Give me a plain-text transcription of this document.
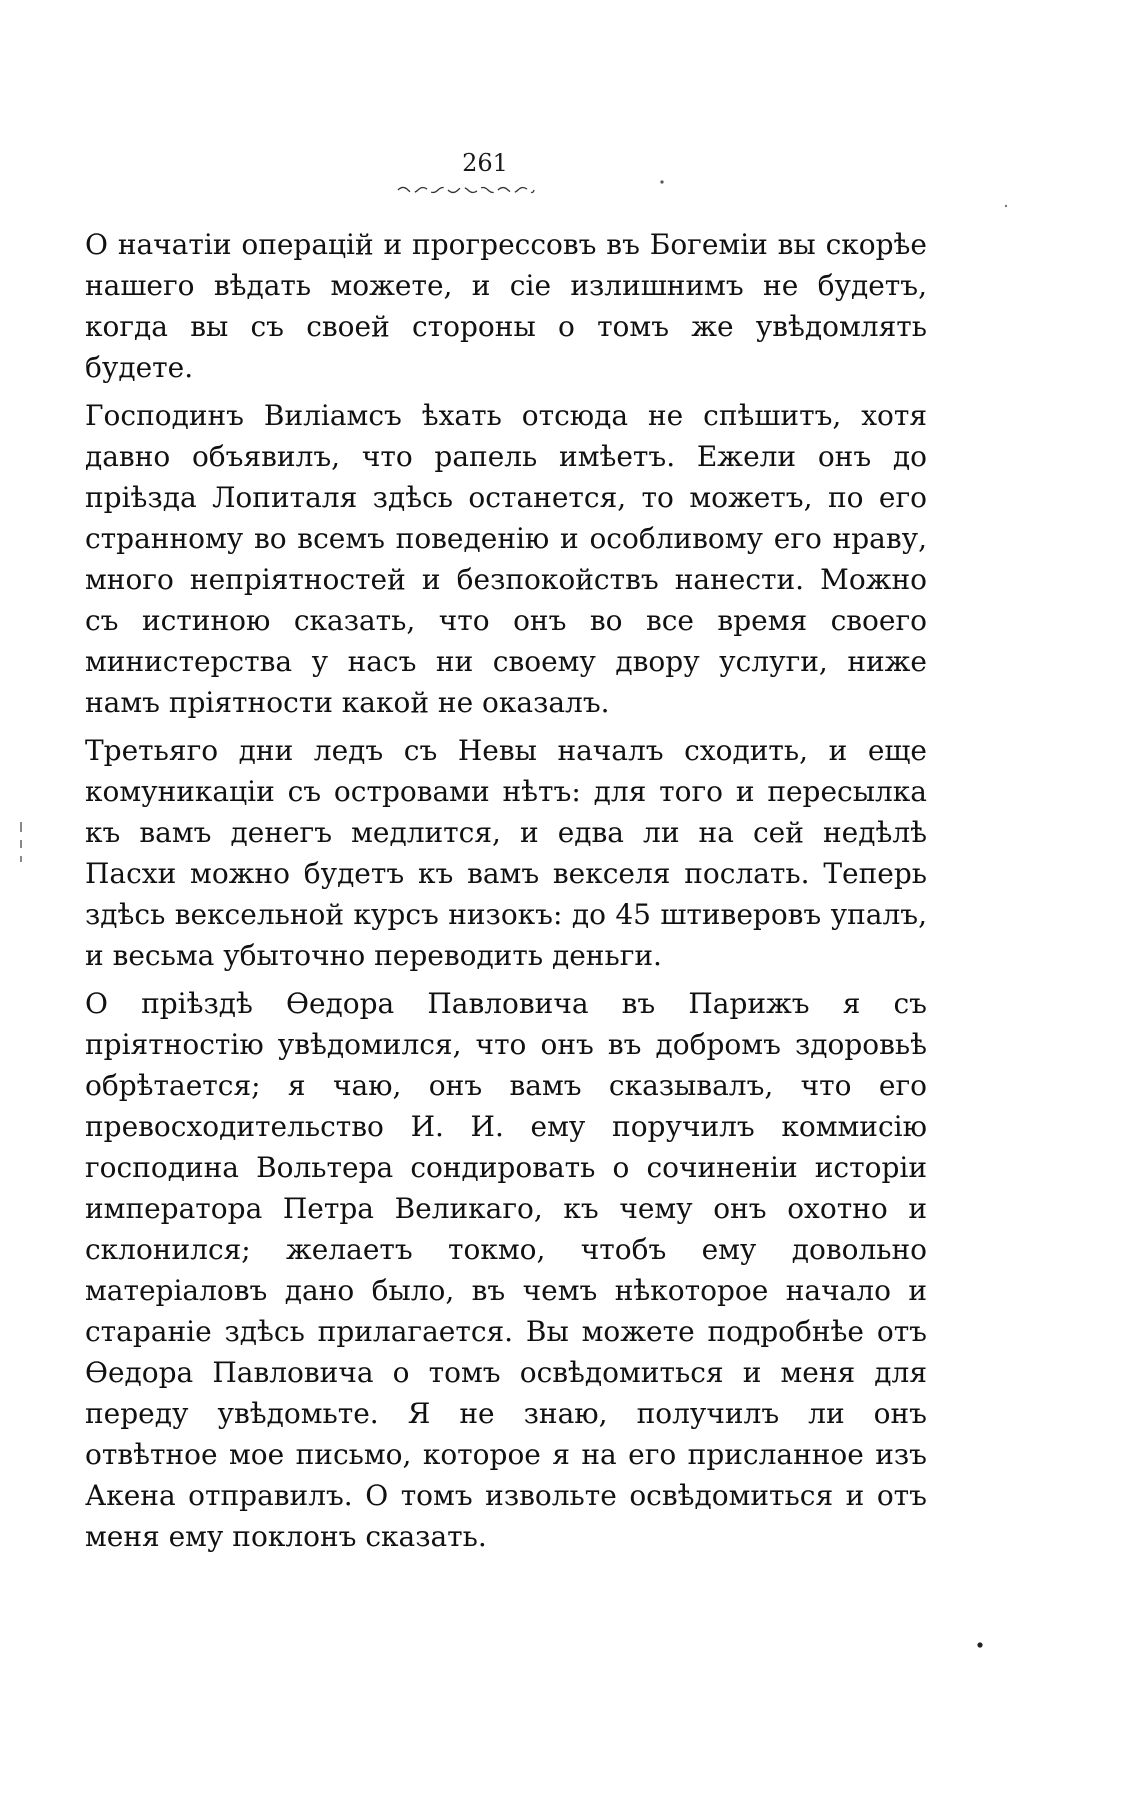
261

О начатіи операцій и прогрессовъ въ Богеміи вы скорѣе нашего вѣдать можете, и сіе излишнимъ не будетъ, когда вы съ своей стороны о томъ же увѣдомлять будете.

Господинъ Виліамсъ ѣхать отсюда не спѣшитъ, хотя давно объявилъ, что рапель имѣетъ. Ежели онъ до пріѣзда Лопиталя здѣсь останется, то можетъ, по его странному во всемъ поведенію и особливому его нраву, много непріятностей и безпокойствъ нанести. Можно съ истиною сказать, что онъ во все время своего министерства у насъ ни своему двору услуги, ниже намъ пріятности какой не оказалъ.

Третьяго дни ледъ съ Невы началъ сходить, и еще комуникаціи съ островами нѣтъ: для того и пересылка къ вамъ денегъ медлится, и едва ли на сей недѣлѣ Пасхи можно будетъ къ вамъ векселя послать. Теперь здѣсь вексельной курсъ низокъ: до 45 штиверовъ упалъ, и весьма убыточно переводить деньги.

О пріѣздѣ Ѳедора Павловича въ Парижъ я съ пріятностію увѣдомился, что онъ въ добромъ здоровьѣ обрѣтается; я чаю, онъ вамъ сказывалъ, что его превосходительство И. И. ему поручилъ коммисію господина Вольтера сондировать о сочиненіи исторіи императора Петра Великаго, къ чему онъ охотно и склонился; желаетъ токмо, чтобъ ему довольно матеріаловъ дано было, въ чемъ нѣкоторое начало и стараніе здѣсь прилагается. Вы можете подробнѣе отъ Ѳедора Павловича о томъ освѣдомиться и меня для переду увѣдомьте. Я не знаю, получилъ ли онъ отвѣтное мое письмо, которое я на его присланное изъ Акена отправилъ. О томъ извольте освѣдомиться и отъ меня ему поклонъ сказать.
